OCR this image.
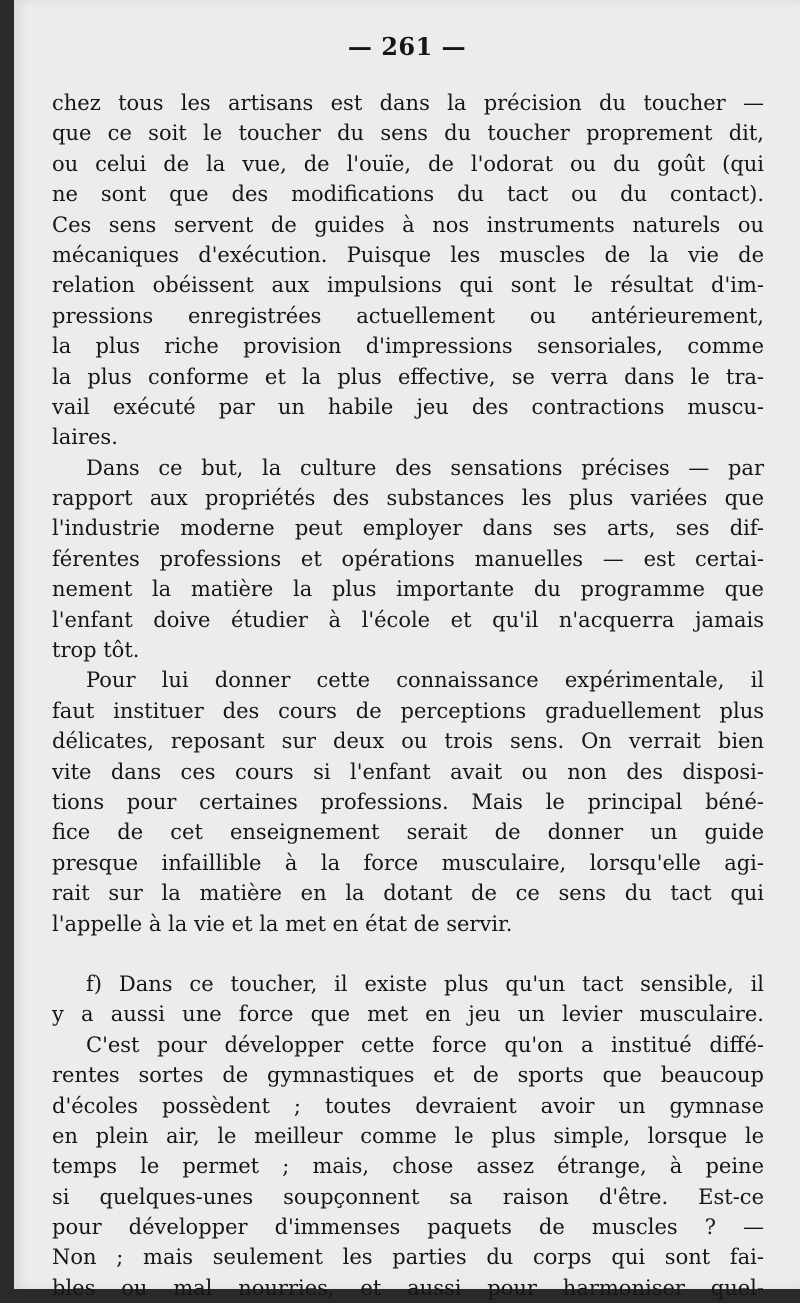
— 261 —
chez tous les artisans est dans la précision du toucher —
que ce soit le toucher du sens du toucher proprement dit,
ou celui de la vue, de l'ouïe, de l'odorat ou du goût (qui
ne sont que des modifications du tact ou du contact).
Ces sens servent de guides à nos instruments naturels ou
mécaniques d'exécution. Puisque les muscles de la vie de
relation obéissent aux impulsions qui sont le résultat d'im-
pressions enregistrées actuellement ou antérieurement,
la plus riche provision d'impressions sensoriales, comme
la plus conforme et la plus effective, se verra dans le tra-
vail exécuté par un habile jeu des contractions muscu-
laires.
Dans ce but, la culture des sensations précises — par
rapport aux propriétés des substances les plus variées que
l'industrie moderne peut employer dans ses arts, ses dif-
férentes professions et opérations manuelles — est certai-
nement la matière la plus importante du programme que
l'enfant doive étudier à l'école et qu'il n'acquerra jamais
trop tôt.
Pour lui donner cette connaissance expérimentale, il
faut instituer des cours de perceptions graduellement plus
délicates, reposant sur deux ou trois sens. On verrait bien
vite dans ces cours si l'enfant avait ou non des disposi-
tions pour certaines professions. Mais le principal béné-
fice de cet enseignement serait de donner un guide
presque infaillible à la force musculaire, lorsqu'elle agi-
rait sur la matière en la dotant de ce sens du tact qui
l'appelle à la vie et la met en état de servir.
f) Dans ce toucher, il existe plus qu'un tact sensible, il
y a aussi une force que met en jeu un levier musculaire.
C'est pour développer cette force qu'on a institué diffé-
rentes sortes de gymnastiques et de sports que beaucoup
d'écoles possèdent ; toutes devraient avoir un gymnase
en plein air, le meilleur comme le plus simple, lorsque le
temps le permet ; mais, chose assez étrange, à peine
si quelques-unes soupçonnent sa raison d'être. Est-ce
pour développer d'immenses paquets de muscles ? —
Non ; mais seulement les parties du corps qui sont fai-
bles ou mal nourries, et aussi pour harmoniser quel-
